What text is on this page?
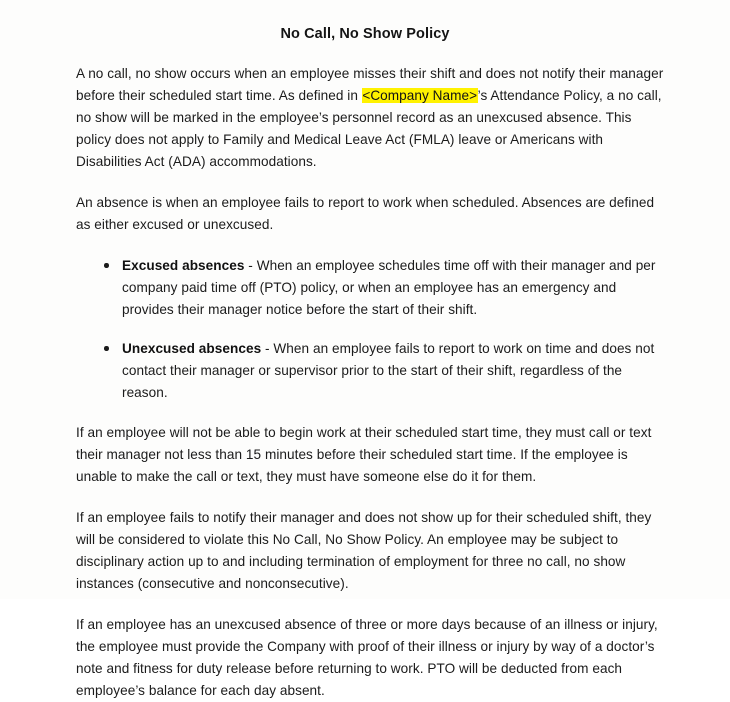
No Call, No Show Policy

A no call, no show occurs when an employee misses their shift and does not notify their manager before their scheduled start time. As defined in <Company Name>’s Attendance Policy, a no call, no show will be marked in the employee’s personnel record as an unexcused absence. This policy does not apply to Family and Medical Leave Act (FMLA) leave or Americans with Disabilities Act (ADA) accommodations.

An absence is when an employee fails to report to work when scheduled. Absences are defined as either excused or unexcused.

Excused absences - When an employee schedules time off with their manager and per company paid time off (PTO) policy, or when an employee has an emergency and provides their manager notice before the start of their shift.
Unexcused absences - When an employee fails to report to work on time and does not contact their manager or supervisor prior to the start of their shift, regardless of the reason.

If an employee will not be able to begin work at their scheduled start time, they must call or text their manager not less than 15 minutes before their scheduled start time. If the employee is unable to make the call or text, they must have someone else do it for them.

If an employee fails to notify their manager and does not show up for their scheduled shift, they will be considered to violate this No Call, No Show Policy. An employee may be subject to disciplinary action up to and including termination of employment for three no call, no show instances (consecutive and nonconsecutive).

If an employee has an unexcused absence of three or more days because of an illness or injury, the employee must provide the Company with proof of their illness or injury by way of a doctor’s note and fitness for duty release before returning to work. PTO will be deducted from each employee’s balance for each day absent.
